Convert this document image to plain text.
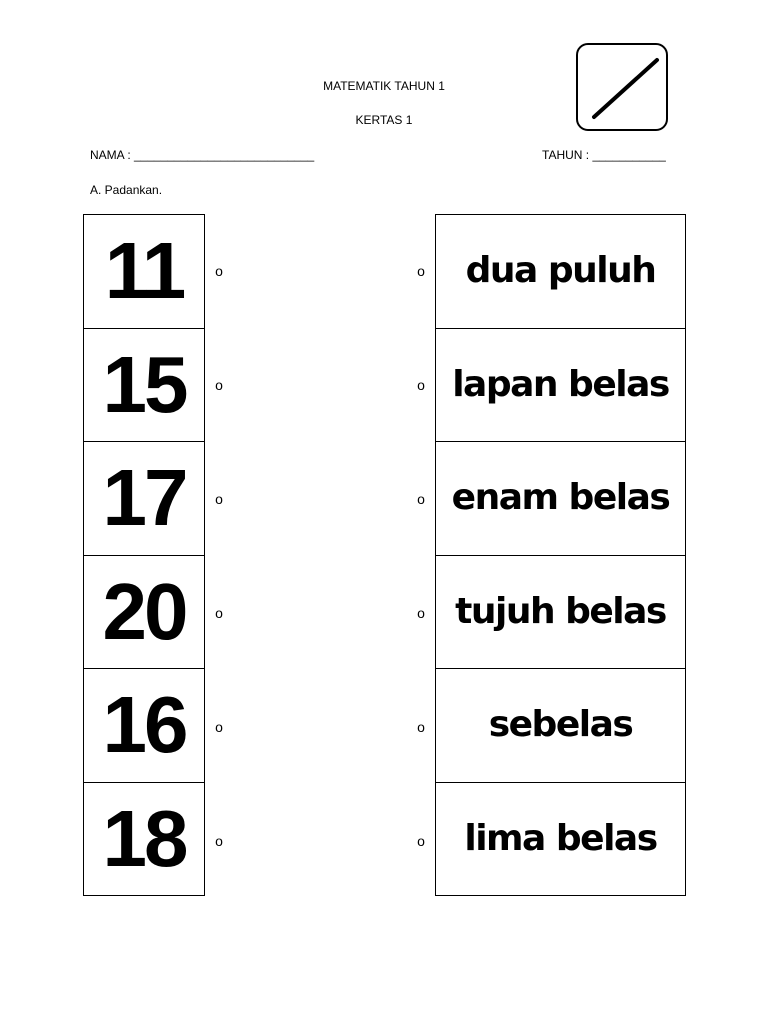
MATEMATIK TAHUN 1
KERTAS 1
NAMA : ___________________________	TAHUN : ___________
A. Padankan.
11
15
17
20
16
18
o
o
o
o
o
o
o
o
o
o
o
o
dua puluh
lapan belas
enam belas
tujuh belas
sebelas
lima belas
